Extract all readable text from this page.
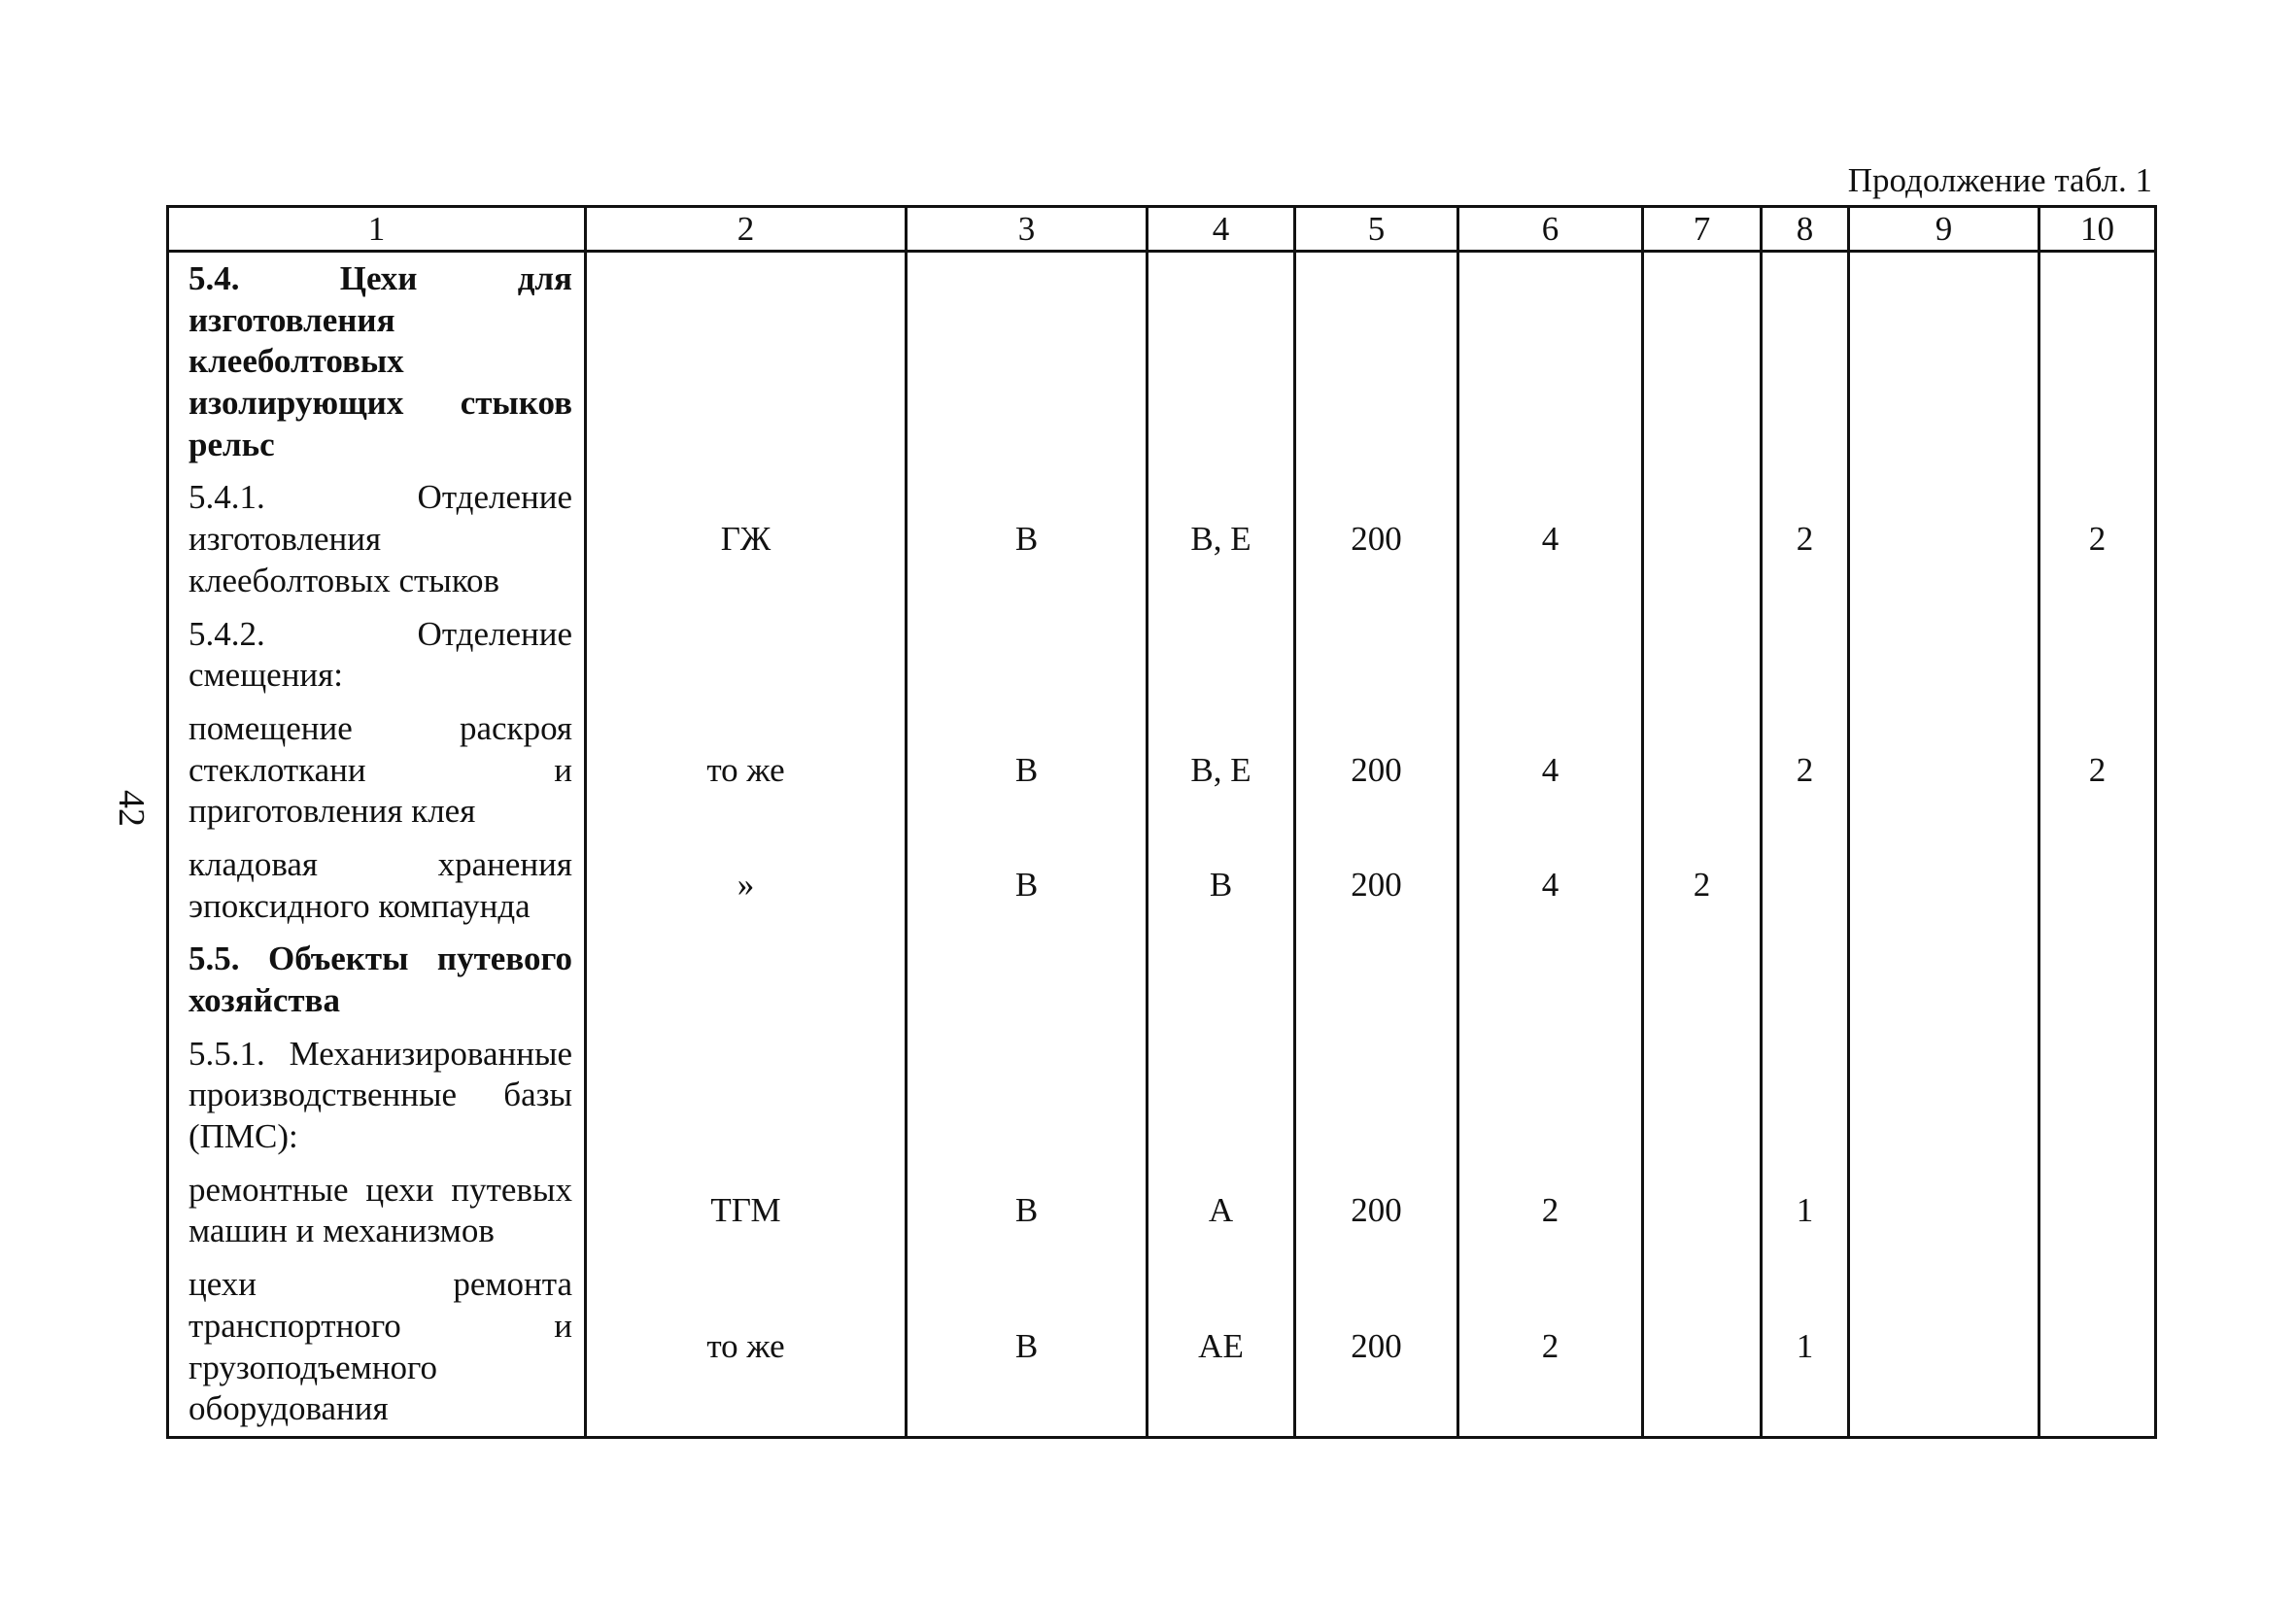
Продолжение табл. 1
42
1	2	3	4	5	6	7	8	9	10
5.4. Цехи для изготовления клееболтовых изолирующих стыков рельс									
5.4.1. Отделение изготовления клееболтовых стыков	ГЖ	В	В, Е	200	4		2		2
5.4.2. Отделение смещения:									
помещение раскроя стеклоткани и приготовления клея	то же	В	В, Е	200	4		2		2
кладовая хранения эпоксидного компаунда	»	В	В	200	4	2			
5.5. Объекты путевого хозяйства									
5.5.1. Механизированные производственные базы (ПМС):									
ремонтные цехи путевых машин и механизмов	ТГМ	В	А	200	2		1		
цехи ремонта транспортного и грузоподъемного оборудования	то же	В	АЕ	200	2		1		
